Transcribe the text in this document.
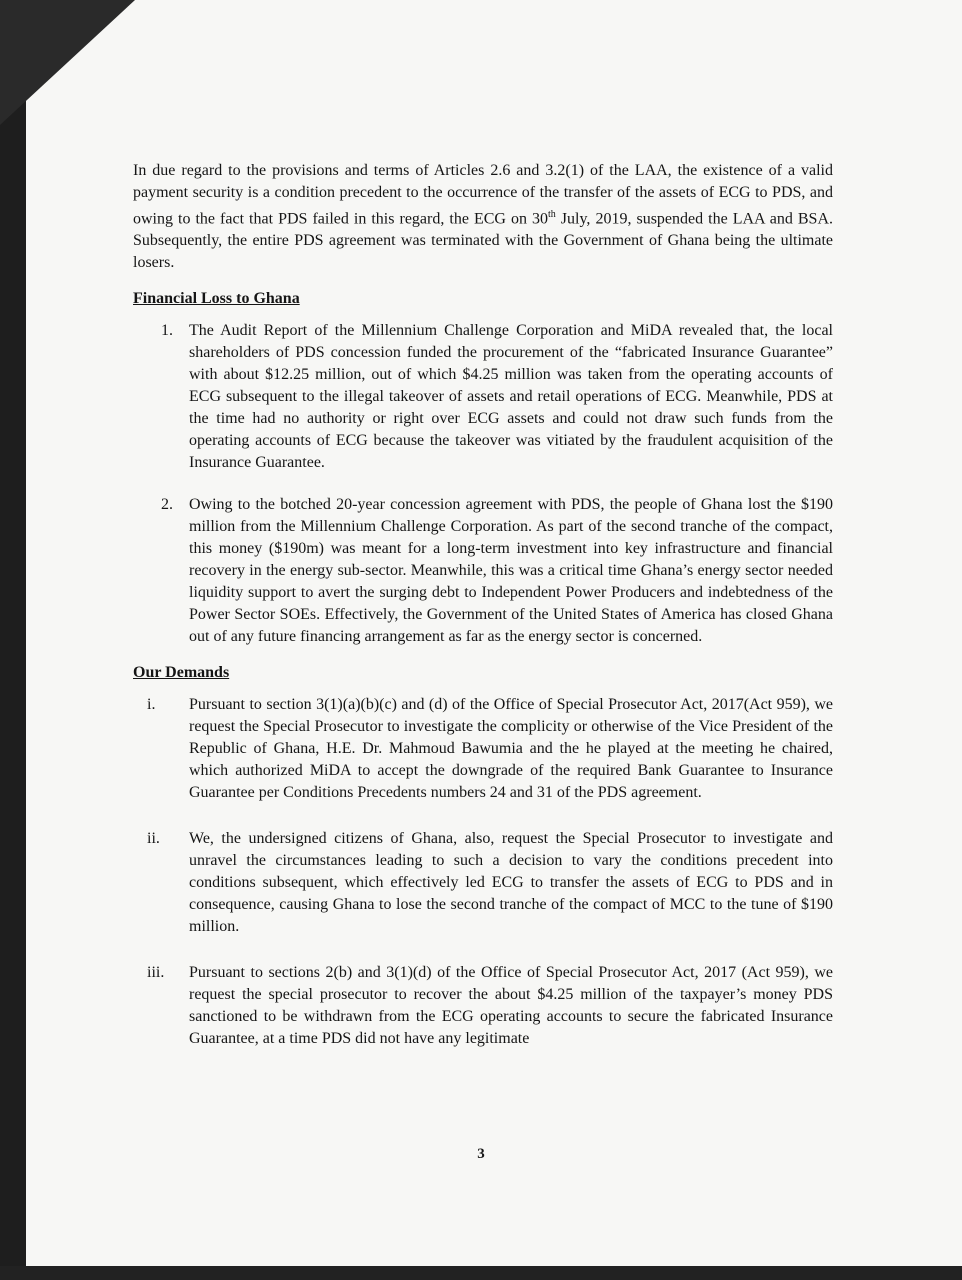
In due regard to the provisions and terms of Articles 2.6 and 3.2(1) of the LAA, the existence of a valid payment security is a condition precedent to the occurrence of the transfer of the assets of ECG to PDS, and owing to the fact that PDS failed in this regard, the ECG on 30th July, 2019, suspended the LAA and BSA. Subsequently, the entire PDS agreement was terminated with the Government of Ghana being the ultimate losers.

Financial Loss to Ghana
1. The Audit Report of the Millennium Challenge Corporation and MiDA revealed that, the local shareholders of PDS concession funded the procurement of the “fabricated Insurance Guarantee” with about $12.25 million, out of which $4.25 million was taken from the operating accounts of ECG subsequent to the illegal takeover of assets and retail operations of ECG. Meanwhile, PDS at the time had no authority or right over ECG assets and could not draw such funds from the operating accounts of ECG because the takeover was vitiated by the fraudulent acquisition of the Insurance Guarantee.
2. Owing to the botched 20-year concession agreement with PDS, the people of Ghana lost the $190 million from the Millennium Challenge Corporation. As part of the second tranche of the compact, this money ($190m) was meant for a long-term investment into key infrastructure and financial recovery in the energy sub-sector. Meanwhile, this was a critical time Ghana’s energy sector needed liquidity support to avert the surging debt to Independent Power Producers and indebtedness of the Power Sector SOEs. Effectively, the Government of the United States of America has closed Ghana out of any future financing arrangement as far as the energy sector is concerned.
Our Demands
i. Pursuant to section 3(1)(a)(b)(c) and (d) of the Office of Special Prosecutor Act, 2017(Act 959), we request the Special Prosecutor to investigate the complicity or otherwise of the Vice President of the Republic of Ghana, H.E. Dr. Mahmoud Bawumia and the he played at the meeting he chaired, which authorized MiDA to accept the downgrade of the required Bank Guarantee to Insurance Guarantee per Conditions Precedents numbers 24 and 31 of the PDS agreement.
ii. We, the undersigned citizens of Ghana, also, request the Special Prosecutor to investigate and unravel the circumstances leading to such a decision to vary the conditions precedent into conditions subsequent, which effectively led ECG to transfer the assets of ECG to PDS and in consequence, causing Ghana to lose the second tranche of the compact of MCC to the tune of $190 million.
iii. Pursuant to sections 2(b) and 3(1)(d) of the Office of Special Prosecutor Act, 2017 (Act 959), we request the special prosecutor to recover the about $4.25 million of the taxpayer’s money PDS sanctioned to be withdrawn from the ECG operating accounts to secure the fabricated Insurance Guarantee, at a time PDS did not have any legitimate
3
